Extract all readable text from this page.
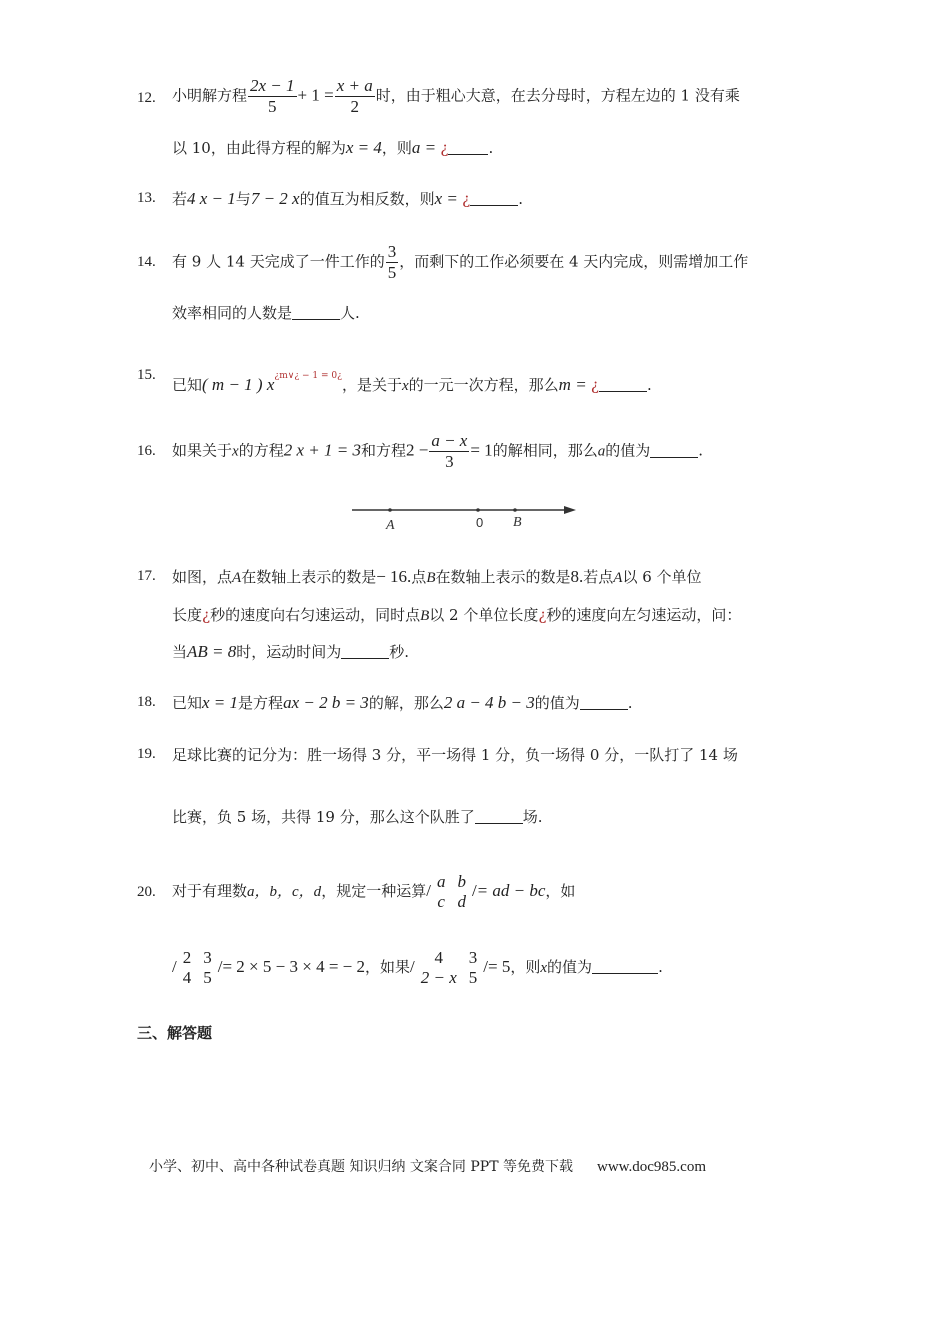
12. 小明解方程 $\frac{2x - 1}{5} + 1 = \frac{x + a}{2}$ 时，由于粗心大意，在去分母时，方程左边的 1 没有乘
以 10，由此得方程的解为x = 4，则a = ¿	.
13. 若4 x − 1与7 − 2 x的值互为相反数，则x = ¿	.
14. 有 9 人 14 天完成了一件工作的 $\frac{3}{5}$ ，而剩下的工作必须要在 4 天内完成，则需增加工作
效率相同的人数是	人.
15.
已知( m − 1 ) $x^{¿m\vee¿ - 1 = 0¿}$，是关于x的一元一次方程，那么m = ¿	.
16. 如果关于x的方程2 x + 1 = 3和方程$2 - \frac{a - x}{3} = 1$的解相同，那么a的值为	.
A	0 B
17. 如图，点A在数轴上表示的数是− 16.点B在数轴上表示的数是8.若点A以 6 个单位
长度¿秒的速度向右匀速运动，同时点B以 2 个单位长度¿秒的速度向左匀速运动，问：
当AB = 8时，运动时间为	秒.
18. 已知x = 1是方程ax − 2 b = 3的解，那么2 a − 4 b − 3的值为	.
19. 足球比赛的记分为：胜一场得 3 分，平一场得 1 分，负一场得 0 分，一队打了 14 场
比赛，负 5 场，共得 19 分，那么这个队胜了	场.
20. 对于有理数a，b，c，d，规定一种运算/ a	b
c	d
/= ad − bc，如
/ 2	3
4	5
/= 2 × 5 − 3 × 4 = − 2，如果/ 4	3
2 − x	5
/= 5，则x的值为	.
三、解答题
小学、初中、高中各种试卷真题 知识归纳 文案合同 PPT 等免费下载 www.doc985.com
